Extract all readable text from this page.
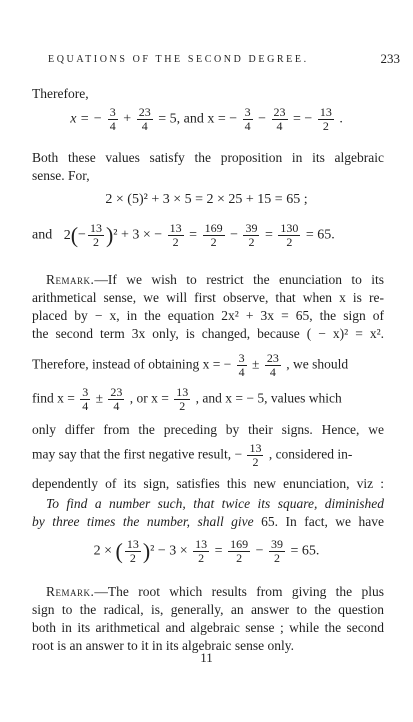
EQUATIONS OF THE SECOND DEGREE.	233
Therefore,
x = − $\frac{3}{4} + \frac{23}{4} = 5$, and x = − $\frac{3}{4} - \frac{23}{4}$ = − $\frac{13}{2}$ .
Both these values satisfy the proposition in its algebraic
sense. For,
2 × (5)² + 3 × 5 = 2 × 25 + 15 = 65 ;
and $2(- \frac{13}{2} )^2 + 3$ × − $\frac{13}{2} = \frac{169}{2} - \frac{39}{2} = \frac{130}{2} = 65$.
Remark.—If we wish to restrict the enunciation to its
arithmetical sense, we will first observe, that when x is re-
placed by − x, in the equation 2x² + 3x = 65, the sign of
the second term 3x only, is changed, because ( − x)² = x².
Therefore, instead of obtaining x = − $\frac{3}{4} \pm \frac{23}{4}$ , we should
find $x = \frac{3}{4} \pm \frac{23}{4}$ , or $x = \frac{13}{2}$ , and x = − 5, values which
only differ from the preceding by their signs. Hence, we
may say that the first negative result, − $\frac{13}{2}$ , considered in-
dependently of its sign, satisfies this new enunciation, viz :
To find a number such, that twice its square, diminished
by three times the number, shall give 65. In fact, we have
2 × ( $\frac{13}{2} )^2 - 3 \times \frac{13}{2} = \frac{169}{2} - \frac{39}{2} = 65$.
Remark.—The root which results from giving the plus
sign to the radical, is, generally, an answer to the question
both in its arithmetical and algebraic sense ; while the second
root is an answer to it in its algebraic sense only.
11
